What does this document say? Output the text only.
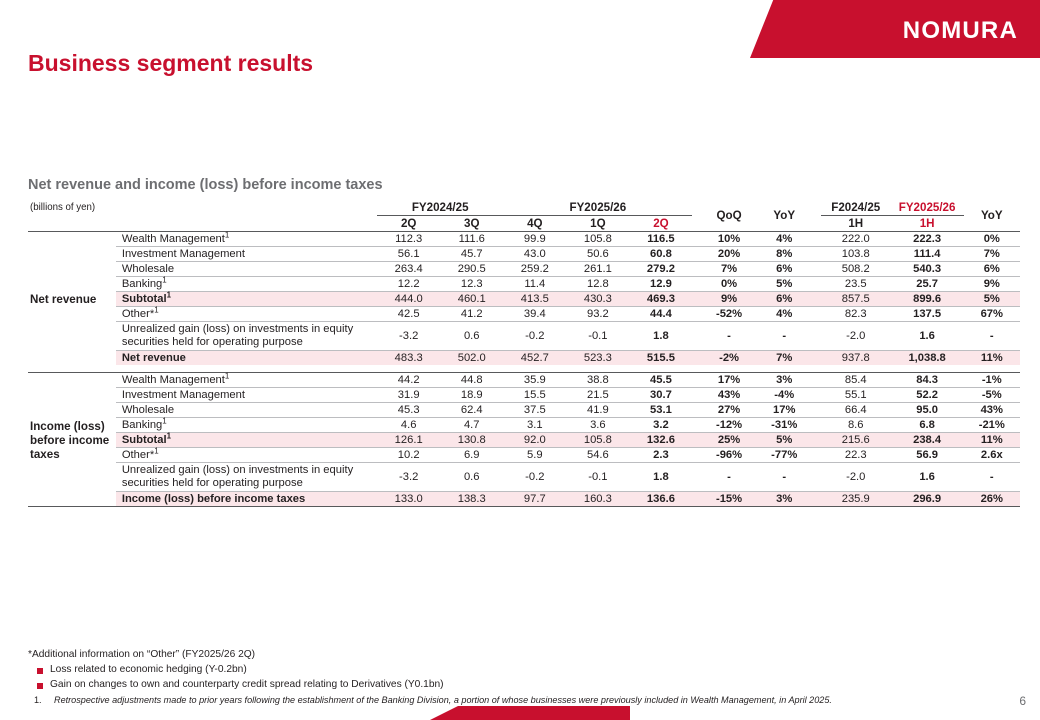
NOMURA
Business segment results
Net revenue and income (loss) before income taxes
(billions of yen)		FY2024/25		FY2025/26				QoQ	YoY		F2024/25	FY2025/26	YoY
		2Q	3Q	4Q	1Q	2Q					1H	1H	
Net revenue	Wealth Management$^1$	112.3	111.6	99.9	105.8	116.5		10%	4%		222.0	222.3	0%
	Investment Management	56.1	45.7	43.0	50.6	60.8		20%	8%		103.8	111.4	7%
	Wholesale	263.4	290.5	259.2	261.1	279.2		7%	6%		508.2	540.3	6%
	Banking$^1$	12.2	12.3	11.4	12.8	12.9		0%	5%		23.5	25.7	9%
	Subtotal$^1$	444.0	460.1	413.5	430.3	469.3		9%	6%		857.5	899.6	5%
	Other*$^1$	42.5	41.2	39.4	93.2	44.4		-52%	4%		82.3	137.5	67%
	Unrealized gain (loss) on investments in equity securities held for operating purpose	-3.2	0.6	-0.2	-0.1	1.8		-	-		-2.0	1.6	-
	Net revenue	483.3	502.0	452.7	523.3	515.5		-2%	7%		937.8	1,038.8	11%

Income (loss) before income taxes	Wealth Management$^1$	44.2	44.8	35.9	38.8	45.5		17%	3%		85.4	84.3	-1%
	Investment Management	31.9	18.9	15.5	21.5	30.7		43%	-4%		55.1	52.2	-5%
	Wholesale	45.3	62.4	37.5	41.9	53.1		27%	17%		66.4	95.0	43%
	Banking$^1$	4.6	4.7	3.1	3.6	3.2		-12%	-31%		8.6	6.8	-21%
	Subtotal$^1$	126.1	130.8	92.0	105.8	132.6		25%	5%		215.6	238.4	11%
	Other*$^1$	10.2	6.9	5.9	54.6	2.3		-96%	-77%		22.3	56.9	2.6x
	Unrealized gain (loss) on investments in equity securities held for operating purpose	-3.2	0.6	-0.2	-0.1	1.8		-	-		-2.0	1.6	-
	Income (loss) before income taxes	133.0	138.3	97.7	160.3	136.6		-15%	3%		235.9	296.9	26%
*Additional information on “Other” (FY2025/26 2Q)
Loss related to economic hedging (Y-0.2bn)
Gain on changes to own and counterparty credit spread relating to Derivatives (Y0.1bn)
1.	Retrospective adjustments made to prior years following the establishment of the Banking Division, a portion of whose businesses were previously included in Wealth Management, in April 2025.	6
